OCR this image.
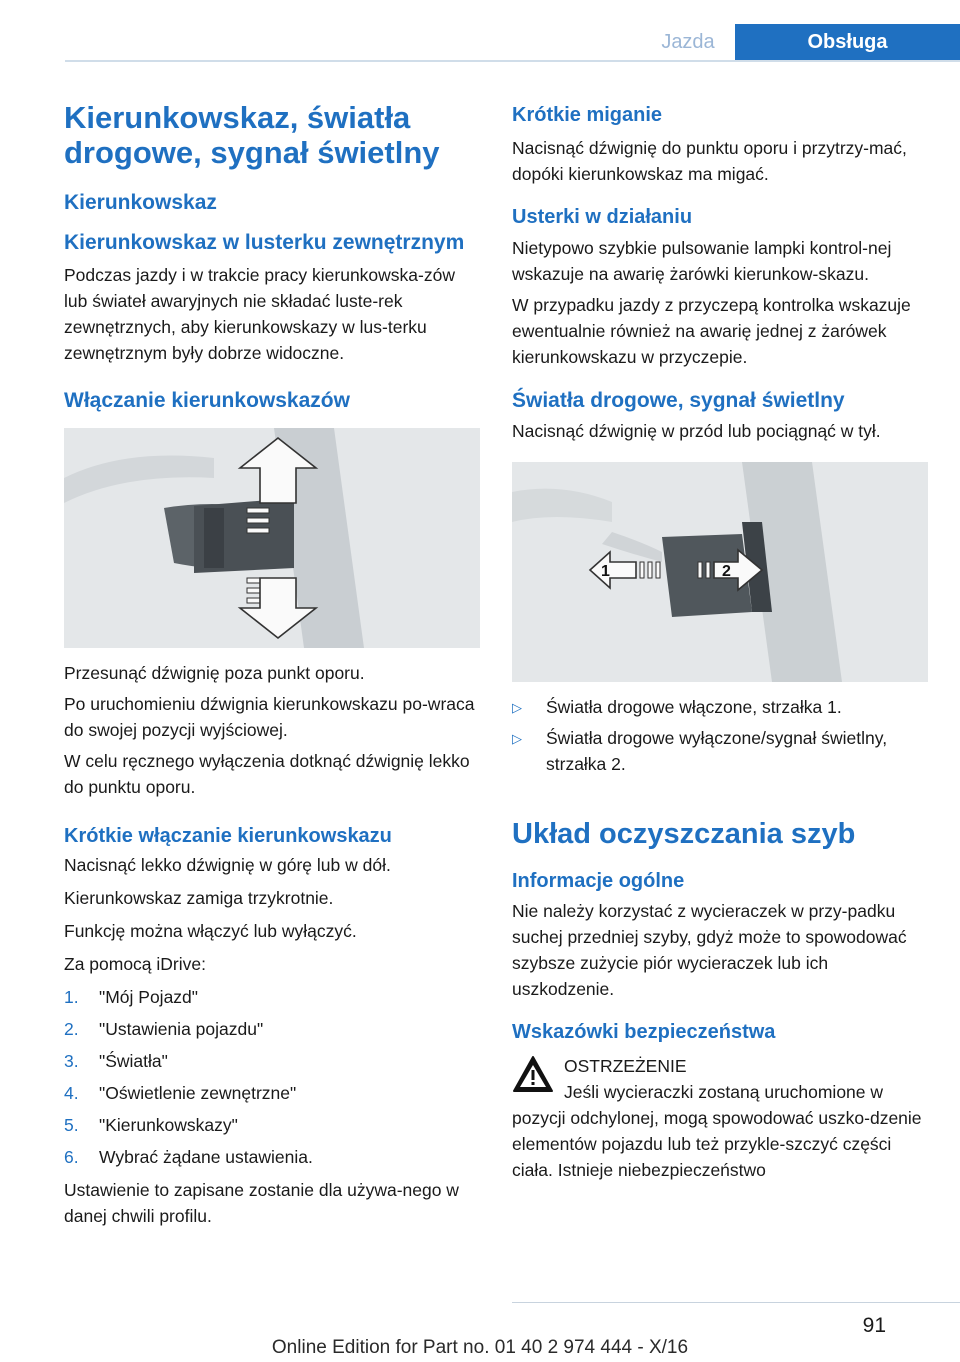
Jazda	Obsługa
Kierunkowskaz, światła drogowe, sygnał świetlny
Kierunkowskaz
Kierunkowskaz w lusterku zewnętrznym

Podczas jazdy i w trakcie pracy kierunkowska-zów lub świateł awaryjnych nie składać luste-rek zewnętrznych, aby kierunkowskazy w lus-terku zewnętrznym były dobrze widoczne.

Włączanie kierunkowskazów

Przesunąć dźwignię poza punkt oporu.

Po uruchomieniu dźwignia kierunkowskazu po-wraca do swojej pozycji wyjściowej.

W celu ręcznego wyłączenia dotknąć dźwignię lekko do punktu oporu.

Krótkie włączanie kierunkowskazu

Nacisnąć lekko dźwignię w górę lub w dół.

Kierunkowskaz zamiga trzykrotnie.

Funkcję można włączyć lub wyłączyć.

Za pomocą iDrive:

1.	"Mój Pojazd"
2.	"Ustawienia pojazdu"
3.	"Światła"
4.	"Oświetlenie zewnętrzne"
5.	"Kierunkowskazy"
6.	Wybrać żądane ustawienia.

Ustawienie to zapisane zostanie dla używa-nego w danej chwili profilu.

Krótkie miganie

Nacisnąć dźwignię do punktu oporu i przytrzy-mać, dopóki kierunkowskaz ma migać.

Usterki w działaniu

Nietypowo szybkie pulsowanie lampki kontrol-nej wskazuje na awarię żarówki kierunkow-skazu.

W przypadku jazdy z przyczepą kontrolka wskazuje ewentualnie również na awarię jednej z żarówek kierunkowskazu w przyczepie.

Światła drogowe, sygnał świetlny

Nacisnąć dźwignię w przód lub pociągnąć w tył.

1	2
▷	Światła drogowe włączone, strzałka 1.
▷	Światła drogowe wyłączone/sygnał świetlny, strzałka 2.
Układ oczyszczania szyb
Informacje ogólne

Nie należy korzystać z wycieraczek w przy-padku suchej przedniej szyby, gdyż może to spowodować szybsze zużycie piór wycieraczek lub ich uszkodzenie.

Wskazówki bezpieczeństwa

OSTRZEŻENIE

Jeśli wycieraczki zostaną uruchomione w

pozycji odchylonej, mogą spowodować uszko-dzenie elementów pojazdu lub też przykle-szczyć części ciała. Istnieje niebezpieczeństwo

91
Online Edition for Part no. 01 40 2 974 444 - X/16
